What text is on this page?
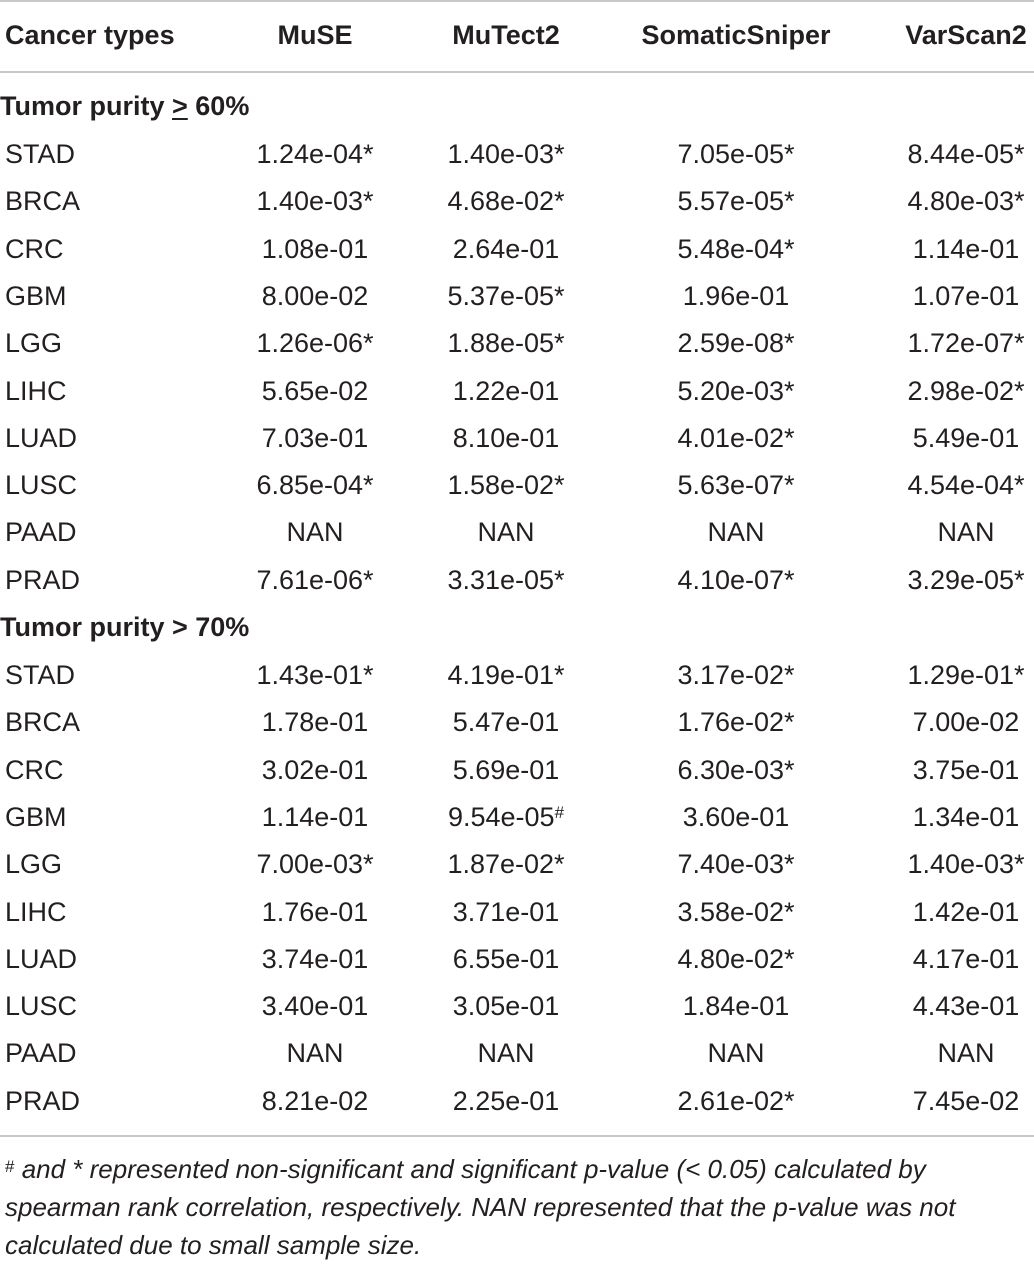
Cancer types	MuSE	MuTect2	SomaticSniper	VarScan2
Tumor purity > 60%
STAD	1.24e-04*	1.40e-03*	7.05e-05*	8.44e-05*
BRCA	1.40e-03*	4.68e-02*	5.57e-05*	4.80e-03*
CRC	1.08e-01	2.64e-01	5.48e-04*	1.14e-01
GBM	8.00e-02	5.37e-05*	1.96e-01	1.07e-01
LGG	1.26e-06*	1.88e-05*	2.59e-08*	1.72e-07*
LIHC	5.65e-02	1.22e-01	5.20e-03*	2.98e-02*
LUAD	7.03e-01	8.10e-01	4.01e-02*	5.49e-01
LUSC	6.85e-04*	1.58e-02*	5.63e-07*	4.54e-04*
PAAD	NAN	NAN	NAN	NAN
PRAD	7.61e-06*	3.31e-05*	4.10e-07*	3.29e-05*
Tumor purity > 70%
STAD	1.43e-01*	4.19e-01*	3.17e-02*	1.29e-01*
BRCA	1.78e-01	5.47e-01	1.76e-02*	7.00e-02
CRC	3.02e-01	5.69e-01	6.30e-03*	3.75e-01
GBM	1.14e-01	9.54e-05#	3.60e-01	1.34e-01
LGG	7.00e-03*	1.87e-02*	7.40e-03*	1.40e-03*
LIHC	1.76e-01	3.71e-01	3.58e-02*	1.42e-01
LUAD	3.74e-01	6.55e-01	4.80e-02*	4.17e-01
LUSC	3.40e-01	3.05e-01	1.84e-01	4.43e-01
PAAD	NAN	NAN	NAN	NAN
PRAD	8.21e-02	2.25e-01	2.61e-02*	7.45e-02
# and * represented non-significant and significant p-value (< 0.05) calculated by
spearman rank correlation, respectively. NAN represented that the p-value was not
calculated due to small sample size.
